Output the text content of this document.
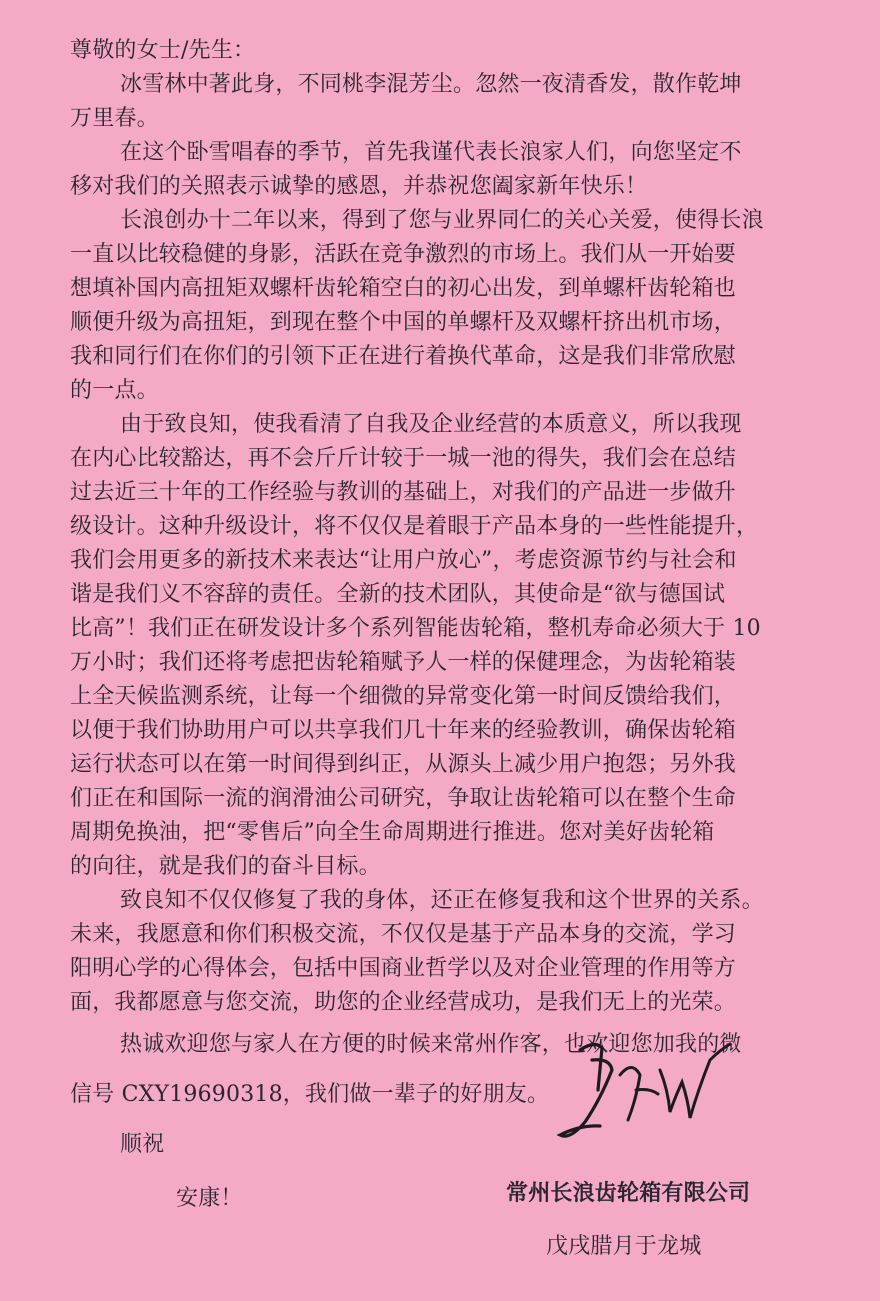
尊敬的女士/先生：
冰雪林中著此身，不同桃李混芳尘。忽然一夜清香发，散作乾坤
万里春。
在这个卧雪唱春的季节，首先我谨代表长浪家人们，向您坚定不
移对我们的关照表示诚挚的感恩，并恭祝您阖家新年快乐！
长浪创办十二年以来，得到了您与业界同仁的关心关爱，使得长浪
一直以比较稳健的身影，活跃在竞争激烈的市场上。我们从一开始要
想填补国内高扭矩双螺杆齿轮箱空白的初心出发，到单螺杆齿轮箱也
顺便升级为高扭矩，到现在整个中国的单螺杆及双螺杆挤出机市场，
我和同行们在你们的引领下正在进行着换代革命，这是我们非常欣慰
的一点。
由于致良知，使我看清了自我及企业经营的本质意义，所以我现
在内心比较豁达，再不会斤斤计较于一城一池的得失，我们会在总结
过去近三十年的工作经验与教训的基础上，对我们的产品进一步做升
级设计。这种升级设计，将不仅仅是着眼于产品本身的一些性能提升，
我们会用更多的新技术来表达“让用户放心”，考虑资源节约与社会和
谐是我们义不容辞的责任。全新的技术团队，其使命是“欲与德国试
比高”！我们正在研发设计多个系列智能齿轮箱，整机寿命必须大于 10
万小时；我们还将考虑把齿轮箱赋予人一样的保健理念，为齿轮箱装
上全天候监测系统，让每一个细微的异常变化第一时间反馈给我们，
以便于我们协助用户可以共享我们几十年来的经验教训，确保齿轮箱
运行状态可以在第一时间得到纠正，从源头上减少用户抱怨；另外我
们正在和国际一流的润滑油公司研究，争取让齿轮箱可以在整个生命
周期免换油，把“零售后”向全生命周期进行推进。您对美好齿轮箱
的向往，就是我们的奋斗目标。
致良知不仅仅修复了我的身体，还正在修复我和这个世界的关系。
未来，我愿意和你们积极交流，不仅仅是基于产品本身的交流，学习
阳明心学的心得体会，包括中国商业哲学以及对企业管理的作用等方
面，我都愿意与您交流，助您的企业经营成功，是我们无上的光荣。
热诚欢迎您与家人在方便的时候来常州作客，也欢迎您加我的微
信号 CXY19690318，我们做一辈子的好朋友。
顺祝
安康！	常州长浪齿轮箱有限公司
戊戌腊月于龙城
